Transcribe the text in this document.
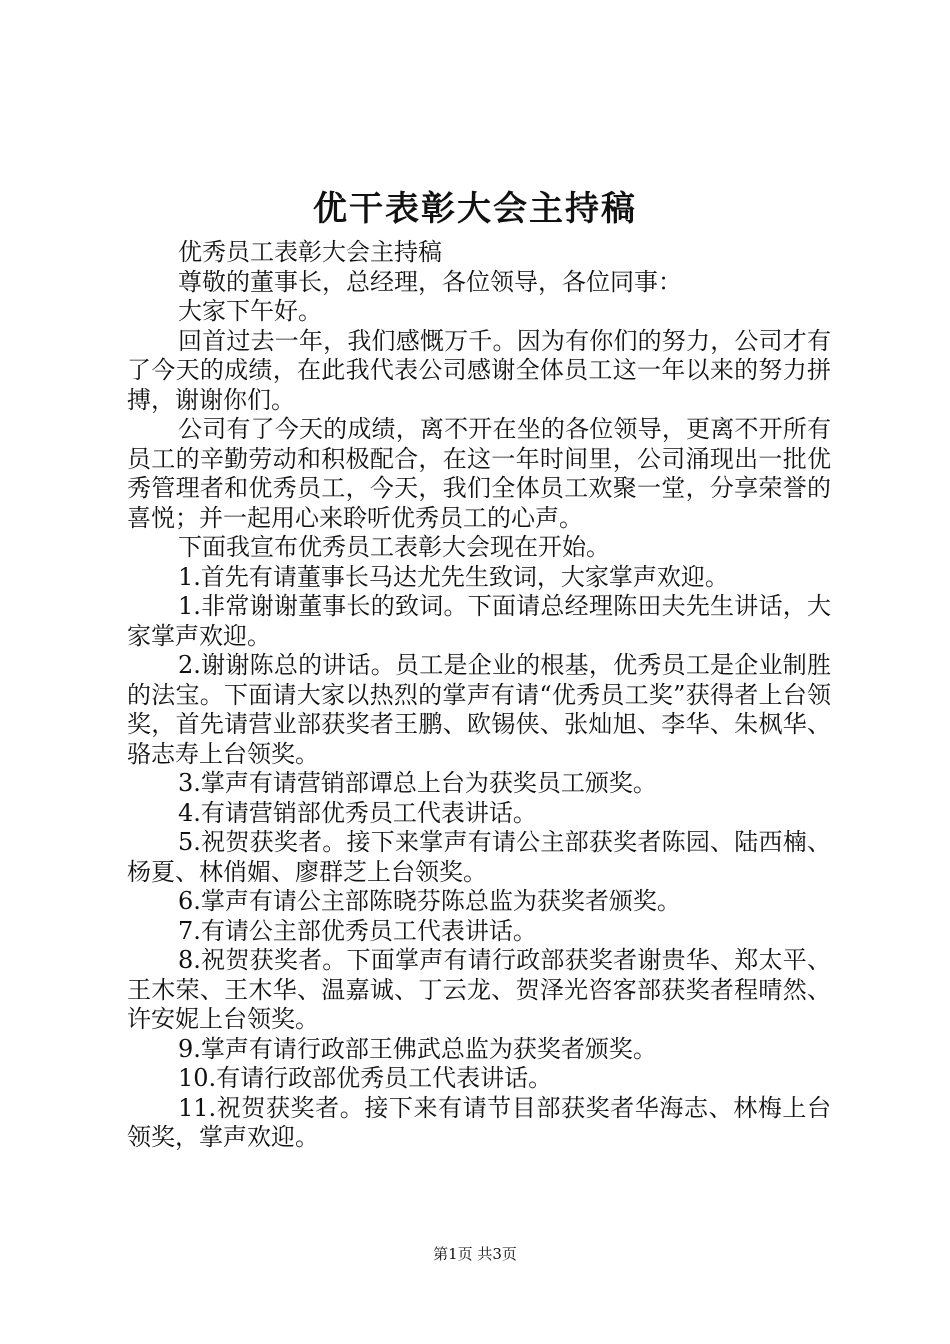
优干表彰大会主持稿

优秀员工表彰大会主持稿

尊敬的董事长，总经理，各位领导，各位同事：

大家下午好。

回首过去一年，我们感慨万千。因为有你们的努力，公司才有了今天的成绩，在此我代表公司感谢全体员工这一年以来的努力拼搏，谢谢你们。

公司有了今天的成绩，离不开在坐的各位领导，更离不开所有员工的辛勤劳动和积极配合，在这一年时间里，公司涌现出一批优秀管理者和优秀员工，今天，我们全体员工欢聚一堂，分享荣誉的喜悦；并一起用心来聆听优秀员工的心声。

下面我宣布优秀员工表彰大会现在开始。

1.首先有请董事长马达尤先生致词，大家掌声欢迎。

1.非常谢谢董事长的致词。下面请总经理陈田夫先生讲话，大家掌声欢迎。

2.谢谢陈总的讲话。员工是企业的根基，优秀员工是企业制胜的法宝。下面请大家以热烈的掌声有请“优秀员工奖”获得者上台领奖，首先请营业部获奖者王鹏、欧锡侠、张灿旭、李华、朱枫华、骆志寿上台领奖。

3.掌声有请营销部谭总上台为获奖员工颁奖。

4.有请营销部优秀员工代表讲话。

5.祝贺获奖者。接下来掌声有请公主部获奖者陈园、陆西楠、杨夏、林俏媚、廖群芝上台领奖。

6.掌声有请公主部陈晓芬陈总监为获奖者颁奖。

7.有请公主部优秀员工代表讲话。

8.祝贺获奖者。下面掌声有请行政部获奖者谢贵华、郑太平、王木荣、王木华、温嘉诚、丁云龙、贺泽光咨客部获奖者程晴然、许安妮上台领奖。

9.掌声有请行政部王佛武总监为获奖者颁奖。

10.有请行政部优秀员工代表讲话。

11.祝贺获奖者。接下来有请节目部获奖者华海志、林梅上台领奖，掌声欢迎。

第1页 共3页
